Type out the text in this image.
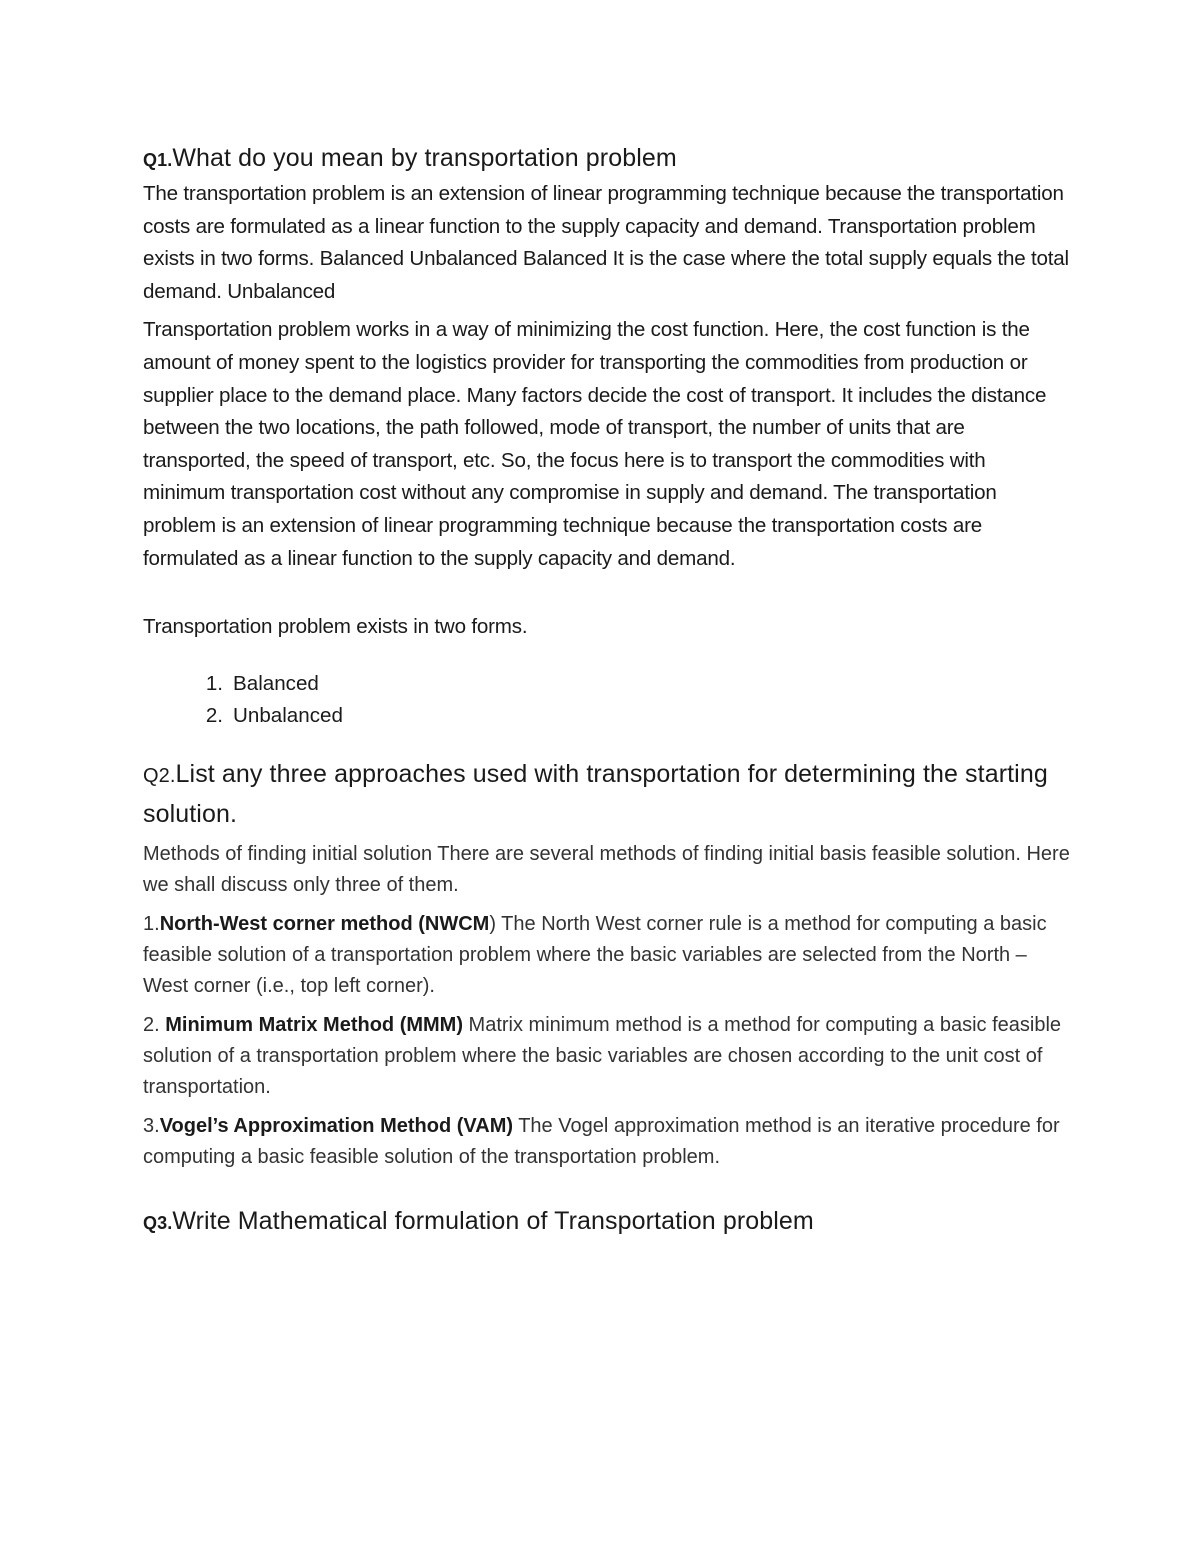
Q1.What do you mean by transportation problem

The transportation problem is an extension of linear programming technique because the transportation costs are formulated as a linear function to the supply capacity and demand. Transportation problem exists in two forms. Balanced Unbalanced Balanced It is the case where the total supply equals the total demand. Unbalanced

Transportation problem works in a way of minimizing the cost function. Here, the cost function is the amount of money spent to the logistics provider for transporting the commodities from production or supplier place to the demand place. Many factors decide the cost of transport. It includes the distance between the two locations, the path followed, mode of transport, the number of units that are transported, the speed of transport, etc. So, the focus here is to transport the commodities with minimum transportation cost without any compromise in supply and demand. The transportation problem is an extension of linear programming technique because the transportation costs are formulated as a linear function to the supply capacity and demand.

Transportation problem exists in two forms.

1. Balanced
2. Unbalanced
Q2.List any three approaches used with transportation for determining the starting solution.

Methods of finding initial solution There are several methods of finding initial basis feasible solution. Here we shall discuss only three of them.

1.North-West corner method (NWCM) The North West corner rule is a method for computing a basic feasible solution of a transportation problem where the basic variables are selected from the North – West corner (i.e., top left corner).

2. Minimum Matrix Method (MMM) Matrix minimum method is a method for computing a basic feasible solution of a transportation problem where the basic variables are chosen according to the unit cost of transportation.

3.Vogel’s Approximation Method (VAM) The Vogel approximation method is an iterative procedure for computing a basic feasible solution of the transportation problem.

Q3.Write Mathematical formulation of Transportation problem
